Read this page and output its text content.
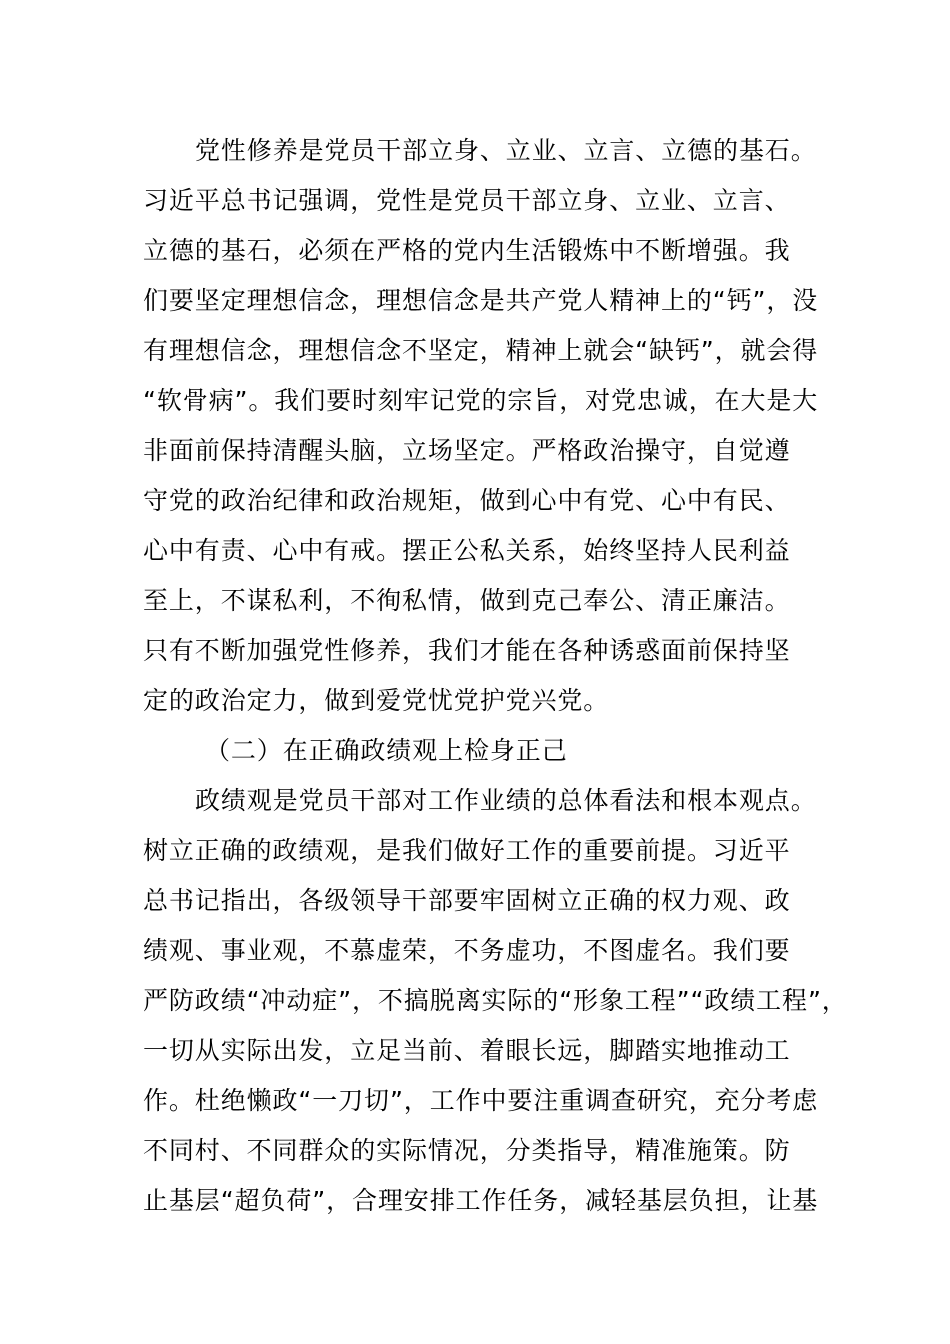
党性修养是党员干部立身、立业、立言、立德的基石。
习近平总书记强调，党性是党员干部立身、立业、立言、
立德的基石，必须在严格的党内生活锻炼中不断增强。我
们要坚定理想信念，理想信念是共产党人精神上的“钙”，没
有理想信念，理想信念不坚定，精神上就会“缺钙”，就会得
“软骨病”。我们要时刻牢记党的宗旨，对党忠诚，在大是大
非面前保持清醒头脑，立场坚定。严格政治操守，自觉遵
守党的政治纪律和政治规矩，做到心中有党、心中有民、
心中有责、心中有戒。摆正公私关系，始终坚持人民利益
至上，不谋私利，不徇私情，做到克己奉公、清正廉洁。
只有不断加强党性修养，我们才能在各种诱惑面前保持坚
定的政治定力，做到爱党忧党护党兴党。
（二）在正确政绩观上检身正己
政绩观是党员干部对工作业绩的总体看法和根本观点。
树立正确的政绩观，是我们做好工作的重要前提。习近平
总书记指出，各级领导干部要牢固树立正确的权力观、政
绩观、事业观，不慕虚荣，不务虚功，不图虚名。我们要
严防政绩“冲动症”，不搞脱离实际的“形象工程”“政绩工程”，
一切从实际出发，立足当前、着眼长远，脚踏实地推动工
作。杜绝懒政“一刀切”，工作中要注重调查研究，充分考虑
不同村、不同群众的实际情况，分类指导，精准施策。防
止基层“超负荷”，合理安排工作任务，减轻基层负担，让基
